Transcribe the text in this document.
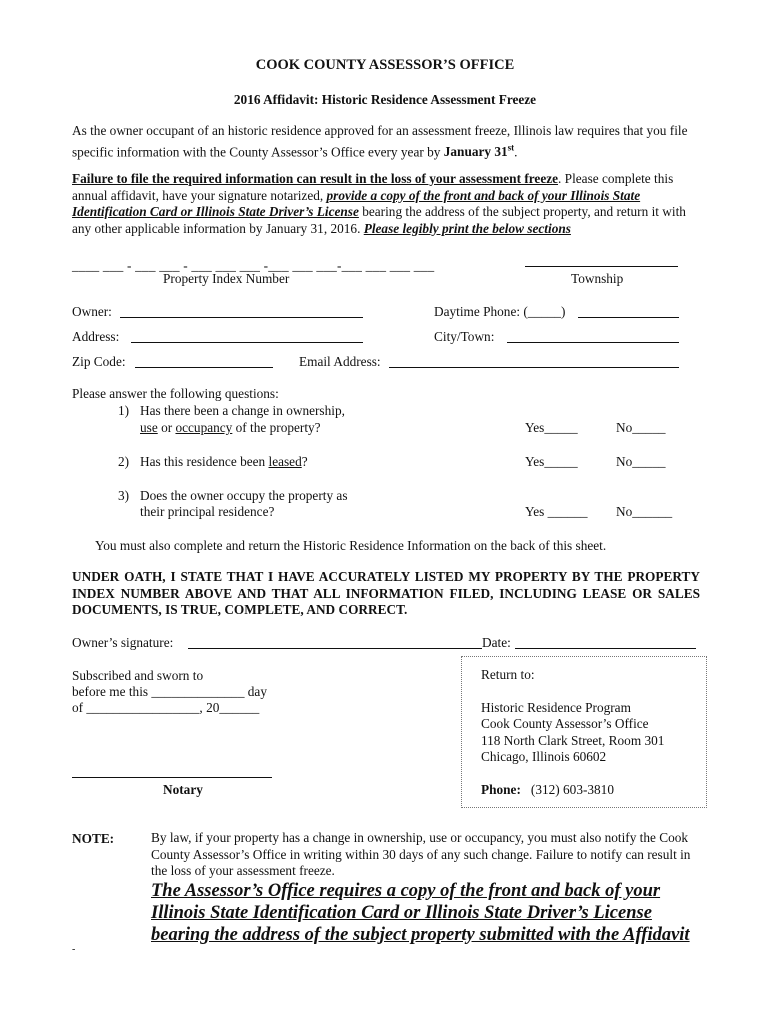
COOK COUNTY ASSESSOR’S OFFICE
2016 Affidavit: Historic Residence Assessment Freeze
As the owner occupant of an historic residence approved for an assessment freeze, Illinois law requires that you file specific information with the County Assessor’s Office every year by January 31st.
Failure to file the required information can result in the loss of your assessment freeze. Please complete this annual affidavit, have your signature notarized, provide a copy of the front and back of your Illinois State Identification Card or Illinois State Driver’s License bearing the address of the subject property, and return it with any other applicable information by January 31, 2016. Please legibly print the below sections
____ ___ - ___ ___ - ___ ___ ___ -___ ___ ___-___ ___ ___ ___
Property Index Number	Township
Owner:	Daytime Phone: (_____)
Address:	City/Town:
Zip Code:	Email Address:
Please answer the following questions:
1) Has there been a change in ownership,
use or occupancy of the property?	Yes_____	No_____
2) Has this residence been leased?	Yes_____	No_____
3) Does the owner occupy the property as
their principal residence?	Yes ______ No______
You must also complete and return the Historic Residence Information on the back of this sheet.
UNDER OATH, I STATE THAT I HAVE ACCURATELY LISTED MY PROPERTY BY THE PROPERTY INDEX NUMBER ABOVE AND THAT ALL INFORMATION FILED, INCLUDING LEASE OR SALES DOCUMENTS, IS TRUE, COMPLETE, AND CORRECT.
Owner’s signature:	Date:
Subscribed and sworn to
before me this ______________ day
of _________________, 20______
Notary
Return to:
Historic Residence Program
Cook County Assessor’s Office
118 North Clark Street, Room 301
Chicago, Illinois 60602
Phone: (312) 603-3810
NOTE:	By law, if your property has a change in ownership, use or occupancy, you must also notify the Cook County Assessor’s Office in writing within 30 days of any such change. Failure to notify can result in the loss of your assessment freeze.
The Assessor’s Office requires a copy of the front and back of your Illinois State Identification Card or Illinois State Driver’s License bearing the address of the subject property submitted with the Affidavit
-
